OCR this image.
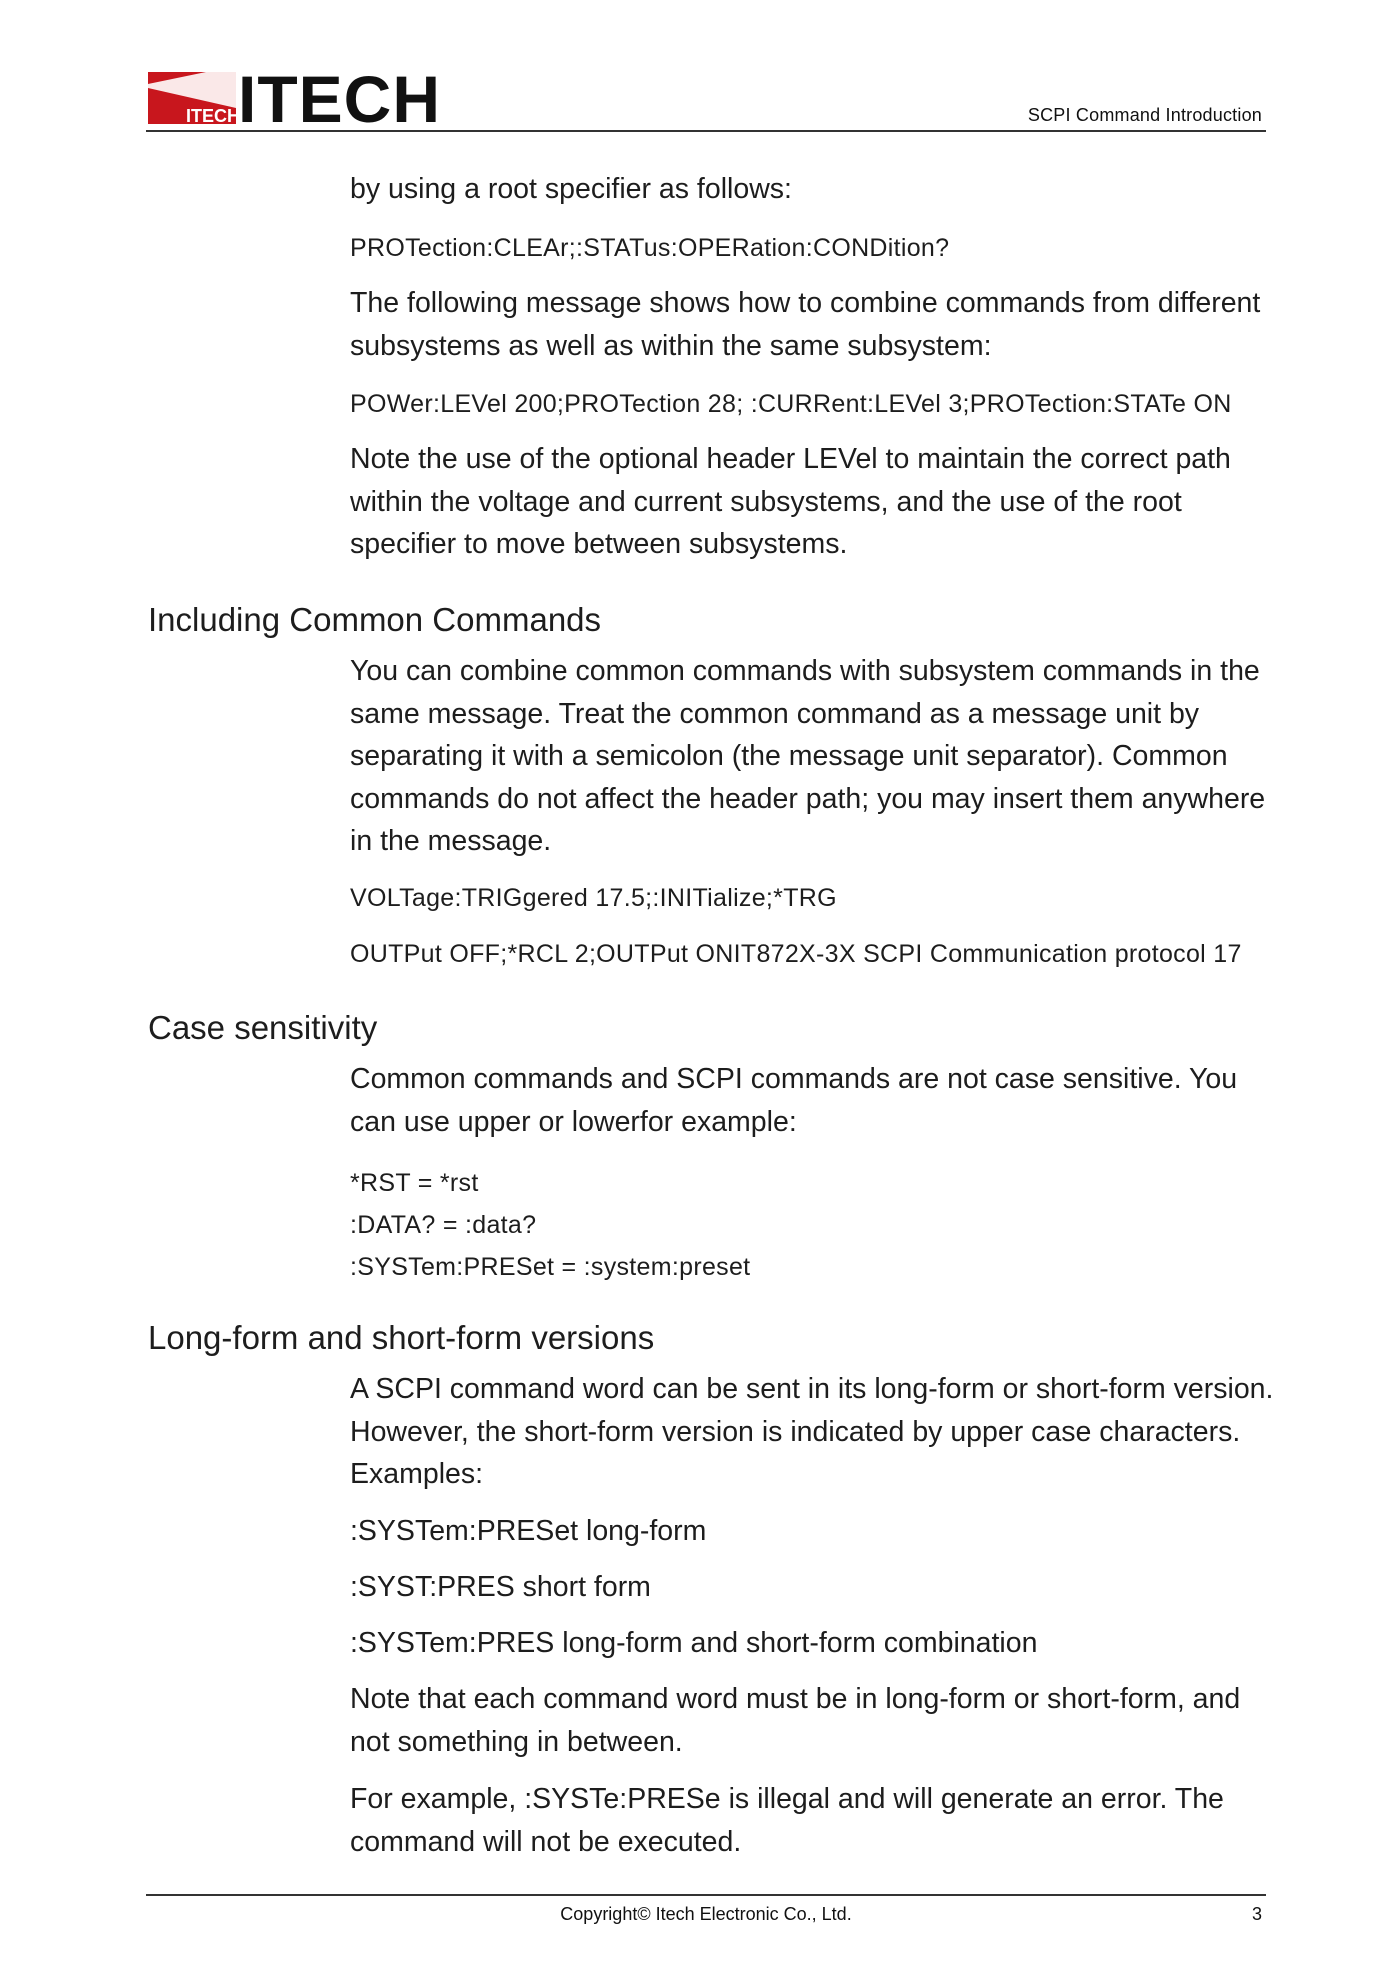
ITECH
ITECH	SCPI Command Introduction

by using a root specifier as follows:

PROTection:CLEAr;:STATus:OPERation:CONDition?

The following message shows how to combine commands from different

subsystems as well as within the same subsystem:

POWer:LEVel 200;PROTection 28; :CURRent:LEVel 3;PROTection:STATe ON

Note the use of the optional header LEVel to maintain the correct path

within the voltage and current subsystems, and the use of the root

specifier to move between subsystems.

Including Common Commands

You can combine common commands with subsystem commands in the

same message. Treat the common command as a message unit by

separating it with a semicolon (the message unit separator). Common

commands do not affect the header path; you may insert them anywhere

in the message.

VOLTage:TRIGgered 17.5;:INITialize;*TRG

OUTPut OFF;*RCL 2;OUTPut ONIT872X-3X SCPI Communication protocol 17

Case sensitivity

Common commands and SCPI commands are not case sensitive. You

can use upper or lowerfor example:

*RST = *rst

:DATA? = :data?

:SYSTem:PRESet = :system:preset

Long-form and short-form versions

A SCPI command word can be sent in its long-form or short-form version.

However, the short-form version is indicated by upper case characters.

Examples:

:SYSTem:PRESet long-form

:SYST:PRES short form

:SYSTem:PRES long-form and short-form combination

Note that each command word must be in long-form or short-form, and

not something in between.

For example, :SYSTe:PRESe is illegal and will generate an error. The

command will not be executed.

Copyright© Itech Electronic Co., Ltd.	3
